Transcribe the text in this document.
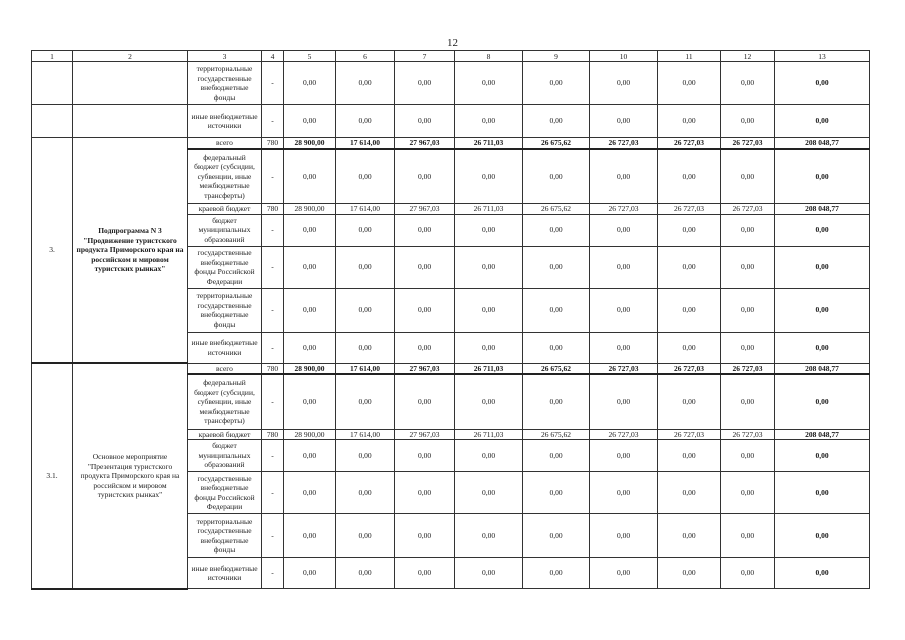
12
1	2	3	4	5	6	7	8	9	10	11	12	13
		территориальные государственные внебюджетные фонды	-	0,00	0,00	0,00	0,00	0,00	0,00	0,00	0,00	0,00
		иные внебюджетные источники	-	0,00	0,00	0,00	0,00	0,00	0,00	0,00	0,00	0,00
3.	Подпрограмма N 3 "Продвижение туристского продукта Приморского края на российском и мировом туристских рынках"	всего	780	28 900,00	17 614,00	27 967,03	26 711,03	26 675,62	26 727,03	26 727,03	26 727,03	208 048,77
		федеральный бюджет (субсидии, субвенции, иные межбюджетные трансферты)	-	0,00	0,00	0,00	0,00	0,00	0,00	0,00	0,00	0,00
		краевой бюджет	780	28 900,00	17 614,00	27 967,03	26 711,03	26 675,62	26 727,03	26 727,03	26 727,03	208 048,77
		бюджет муниципальных образований	-	0,00	0,00	0,00	0,00	0,00	0,00	0,00	0,00	0,00
		государственные внебюджетные фонды Российской Федерации	-	0,00	0,00	0,00	0,00	0,00	0,00	0,00	0,00	0,00
		территориальные государственные внебюджетные фонды	-	0,00	0,00	0,00	0,00	0,00	0,00	0,00	0,00	0,00
		иные внебюджетные источники	-	0,00	0,00	0,00	0,00	0,00	0,00	0,00	0,00	0,00
3.1.	Основное мероприятие "Презентация туристского продукта Приморского края на российском и мировом туристских рынках"	всего	780	28 900,00	17 614,00	27 967,03	26 711,03	26 675,62	26 727,03	26 727,03	26 727,03	208 048,77
		федеральный бюджет (субсидии, субвенции, иные межбюджетные трансферты)	-	0,00	0,00	0,00	0,00	0,00	0,00	0,00	0,00	0,00
		краевой бюджет	780	28 900,00	17 614,00	27 967,03	26 711,03	26 675,62	26 727,03	26 727,03	26 727,03	208 048,77
		бюджет муниципальных образований	-	0,00	0,00	0,00	0,00	0,00	0,00	0,00	0,00	0,00
		государственные внебюджетные фонды Российской Федерации	-	0,00	0,00	0,00	0,00	0,00	0,00	0,00	0,00	0,00
		территориальные государственные внебюджетные фонды	-	0,00	0,00	0,00	0,00	0,00	0,00	0,00	0,00	0,00
		иные внебюджетные источники	-	0,00	0,00	0,00	0,00	0,00	0,00	0,00	0,00	0,00
